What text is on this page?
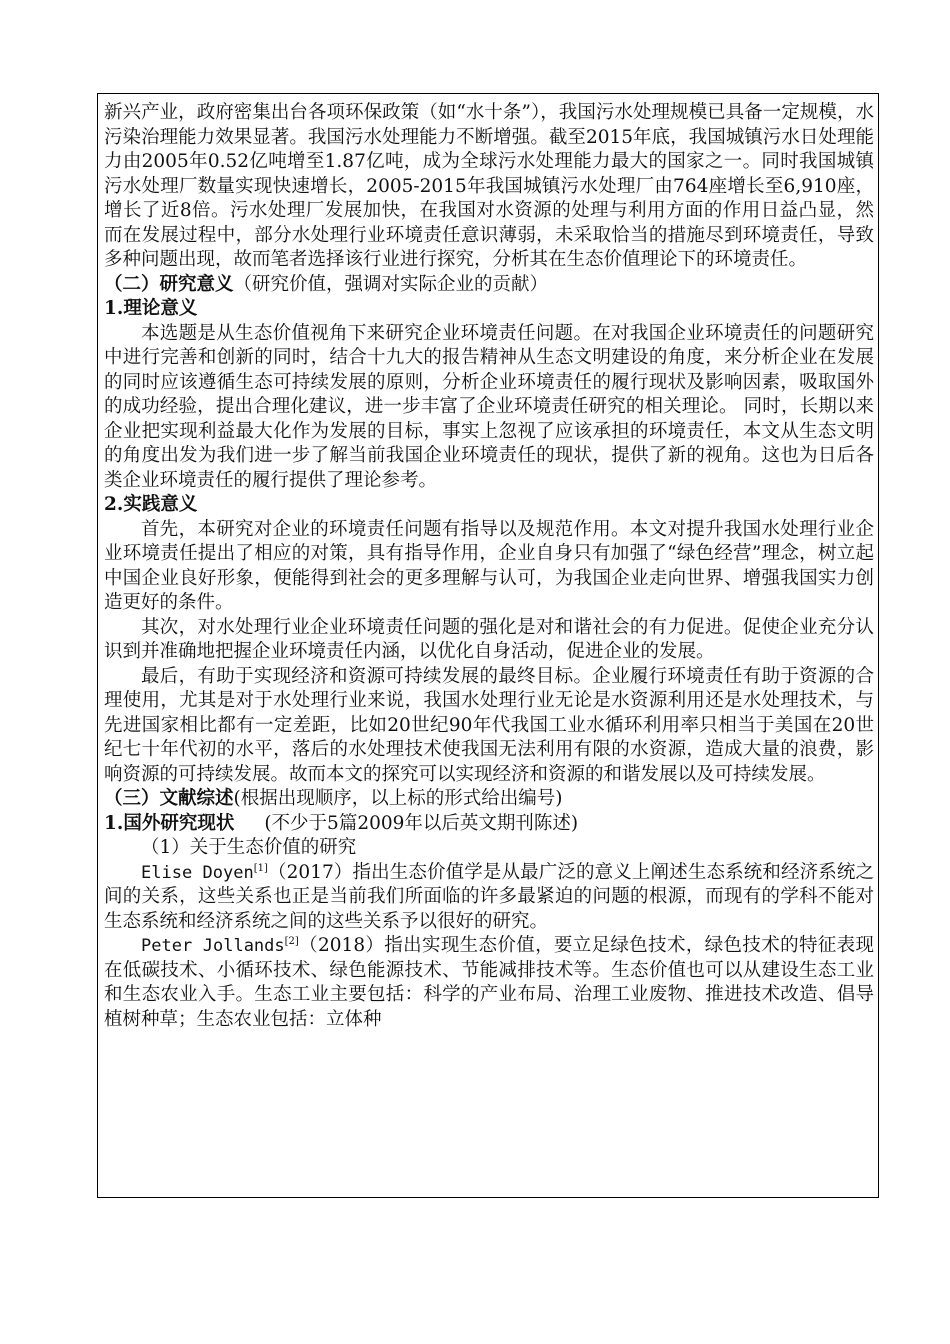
新兴产业，政府密集出台各项环保政策（如“水十条”），我国污水处理规模已具备一定规模，水污染治理能力效果显著。我国污水处理能力不断增强。截至2015年底，我国城镇污水日处理能力由2005年0.52亿吨增至1.87亿吨，成为全球污水处理能力最大的国家之一。同时我国城镇污水处理厂数量实现快速增长，2005-2015年我国城镇污水处理厂由764座增长至6,910座，增长了近8倍。污水处理厂发展加快，在我国对水资源的处理与利用方面的作用日益凸显，然而在发展过程中，部分水处理行业环境责任意识薄弱，未采取恰当的措施尽到环境责任，导致多种问题出现，故而笔者选择该行业进行探究，分析其在生态价值理论下的环境责任。

（二）研究意义（研究价值，强调对实际企业的贡献）

1.理论意义

本选题是从生态价值视角下来研究企业环境责任问题。在对我国企业环境责任的问题研究中进行完善和创新的同时，结合十九大的报告精神从生态文明建设的角度，来分析企业在发展的同时应该遵循生态可持续发展的原则，分析企业环境责任的履行现状及影响因素，吸取国外的成功经验，提出合理化建议，进一步丰富了企业环境责任研究的相关理论。 同时，长期以来企业把实现利益最大化作为发展的目标，事实上忽视了应该承担的环境责任，本文从生态文明的角度出发为我们进一步了解当前我国企业环境责任的现状，提供了新的视角。这也为日后各类企业环境责任的履行提供了理论参考。

2.实践意义

首先，本研究对企业的环境责任问题有指导以及规范作用。本文对提升我国水处理行业企业环境责任提出了相应的对策，具有指导作用，企业自身只有加强了“绿色经营”理念，树立起中国企业良好形象，便能得到社会的更多理解与认可，为我国企业走向世界、增强我国实力创造更好的条件。

其次，对水处理行业企业环境责任问题的强化是对和谐社会的有力促进。促使企业充分认识到并准确地把握企业环境责任内涵，以优化自身活动，促进企业的发展。

最后，有助于实现经济和资源可持续发展的最终目标。企业履行环境责任有助于资源的合理使用，尤其是对于水处理行业来说，我国水处理行业无论是水资源利用还是水处理技术，与先进国家相比都有一定差距，比如20世纪90年代我国工业水循环利用率只相当于美国在20世纪七十年代初的水平，落后的水处理技术使我国无法利用有限的水资源，造成大量的浪费，影响资源的可持续发展。故而本文的探究可以实现经济和资源的和谐发展以及可持续发展。

（三）文献综述(根据出现顺序，以上标的形式给出编号)

1.国外研究现状 (不少于5篇2009年以后英文期刊陈述)

（1）关于生态价值的研究

Elise Doyen[1]（2017）指出生态价值学是从最广泛的意义上阐述生态系统和经济系统之间的关系，这些关系也正是当前我们所面临的许多最紧迫的问题的根源，而现有的学科不能对生态系统和经济系统之间的这些关系予以很好的研究。

Peter Jollands[2]（2018）指出实现生态价值，要立足绿色技术，绿色技术的特征表现在低碳技术、小循环技术、绿色能源技术、节能减排技术等。生态价值也可以从建设生态工业和生态农业入手。生态工业主要包括：科学的产业布局、治理工业废物、推进技术改造、倡导植树种草；生态农业包括：立体种
